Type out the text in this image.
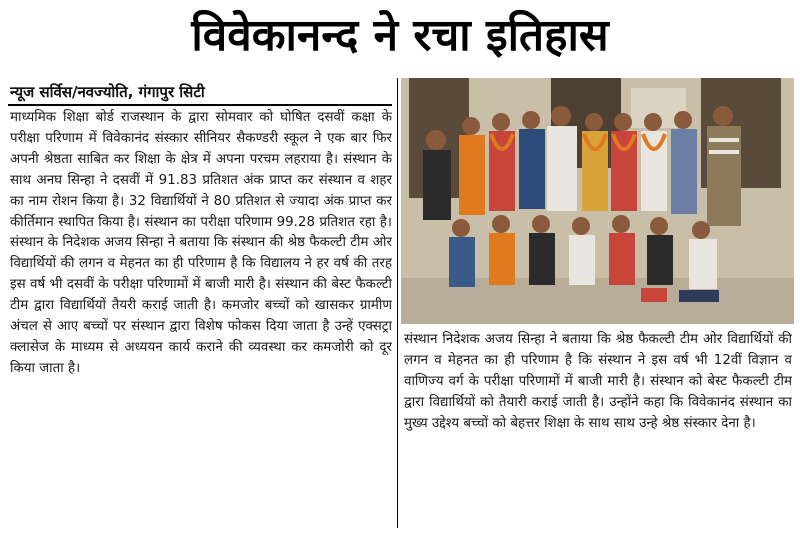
विवेकानन्द ने रचा इतिहास
न्यूज सर्विस/नवज्योति, गंगापुर सिटी
माध्यमिक शिक्षा बोर्ड राजस्थान के द्वारा सोमवार को घोषित दसवीं कक्षा के परीक्षा परिणाम में विवेकानंद संस्कार सीनियर सैकण्डरी स्कूल ने एक बार फिर अपनी श्रेष्ठता साबित कर शिक्षा के क्षेत्र में अपना परचम लहराया है। संस्थान के साथ अनघ सिन्हा ने दसवीं में 91.83 प्रतिशत अंक प्राप्त कर संस्थान व शहर का नाम रोशन किया है। 32 विद्यार्थियों ने 80 प्रतिशत से ज्यादा अंक प्राप्त कर कीर्तिमान स्थापित किया है। संस्थान का परीक्षा परिणाम 99.28 प्रतिशत रहा है। संस्थान के निदेशक अजय सिन्हा ने बताया कि संस्थान की श्रेष्ठ फैकल्टी टीम ओर विद्यार्थियों की लगन व मेहनत का ही परिणाम है कि विद्यालय ने हर वर्ष की तरह इस वर्ष भी दसवीं के परीक्षा परिणामों में बाजी मारी है। संस्थान की बेस्ट फैकल्टी टीम द्वारा विद्यार्थियों तैयरी कराई जाती है। कमजोर बच्चों को खासकर ग्रामीण अंचल से आए बच्चों पर संस्थान द्वारा विशेष फोकस दिया जाता है उन्हें एक्सट्रा क्लासेज के माध्यम से अध्ययन कार्य कराने की व्यवस्था कर कमजोरी को दूर किया जाता है।
संस्थान निदेशक अजय सिन्हा ने बताया कि श्रेष्ठ फैकल्टी टीम ओर विद्यार्थियों की लगन व मेहनत का ही परिणाम है कि संस्थान ने इस वर्ष भी 12वीं विज्ञान व वाणिज्य वर्ग के परीक्षा परिणामों में बाजी मारी है। संस्थान को बेस्ट फैकल्टी टीम द्वारा विद्यार्थियों को तैयारी कराई जाती है। उन्होंने कहा कि विवेकानंद संस्थान का मुख्य उद्देश्य बच्चों को बेहत्तर शिक्षा के साथ साथ उन्हे श्रेष्ठ संस्कार देना है।
